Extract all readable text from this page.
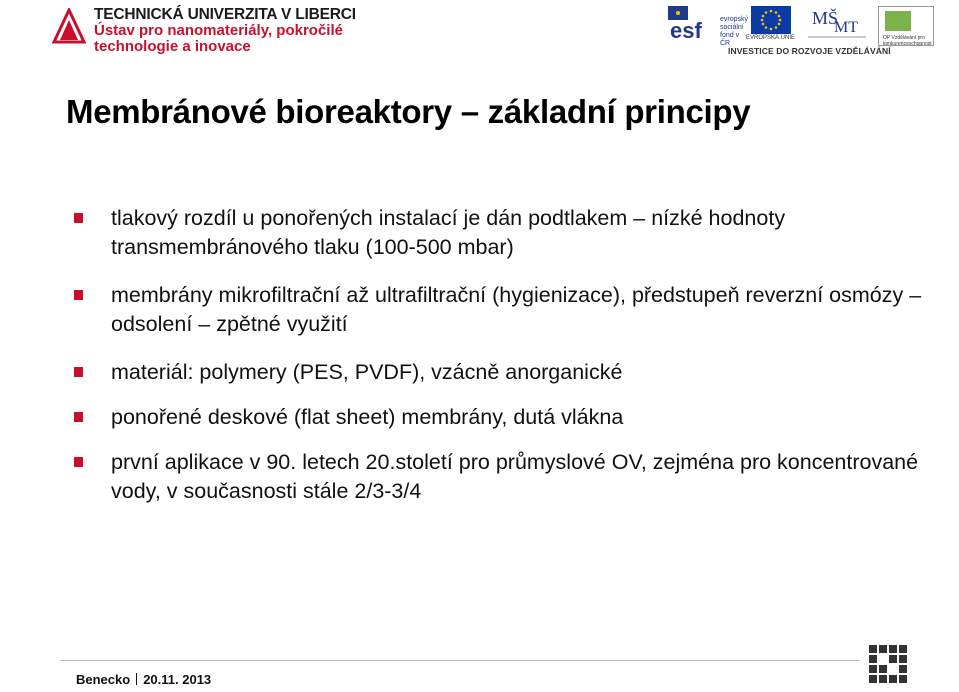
TECHNICKÁ UNIVERZITA V LIBERCI
Ústav pro nanomateriály, pokročilé
technologie a inovace
esf	evropský sociální fond v ČR
EVROPSKÁ UNIE
MŠ
MT
OP Vzdělávání pro konkurenceschopnost
INVESTICE DO ROZVOJE VZDĚLÁVÁNÍ
Membránové bioreaktory – základní principy
tlakový rozdíl u ponořených instalací je dán podtlakem – nízké hodnoty transmembránového tlaku (100-500 mbar)
membrány mikrofiltrační až ultrafiltrační (hygienizace), předstupeň reverzní osmózy – odsolení – zpětné využití
materiál: polymery (PES, PVDF), vzácně anorganické
ponořené deskové (flat sheet) membrány, dutá vlákna
první aplikace v 90. letech 20.století pro průmyslové OV, zejména pro koncentrované vody, v současnosti stále 2/3-3/4
Benecko 20.11. 2013
